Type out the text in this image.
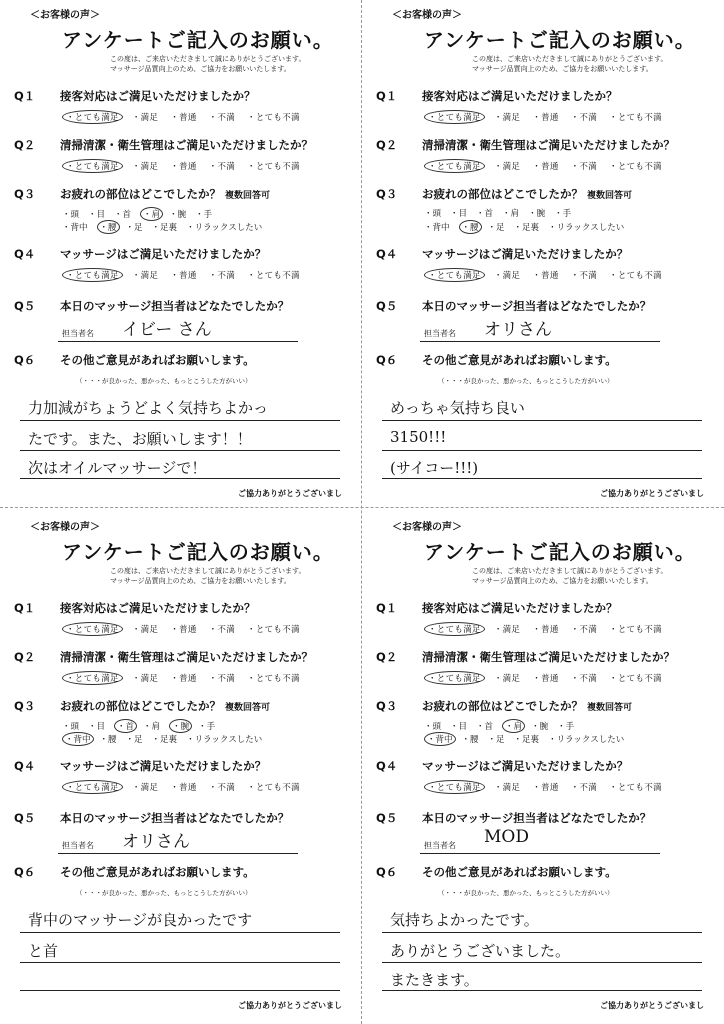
＜お客様の声＞
アンケートご記入のお願い。
この度は、ご来店いただきまして誠にありがとうございます。
マッサージ品質向上のため、ご協力をお願いいたします。
Q１ 接客対応はご満足いただけましたか？
・とても満足 ・満足 ・普通 ・不満 ・とても不満
Q２ 清掃清潔・衛生管理はご満足いただけましたか？
・とても満足 ・満足 ・普通 ・不満 ・とても不満
Q３ お疲れの部位はどこでしたか？ 複数回答可
・頭 ・目 ・首 ・肩 ・腕 ・手
・背中 ・腰 ・足 ・足裏 ・リラックスしたい
Q４ マッサージはご満足いただけましたか？
・とても満足 ・満足 ・普通 ・不満 ・とても不満
Q５ 本日のマッサージ担当者はどなたでしたか？
担当者名 イビー さん
Q６ その他ご意見があればお願いします。
（・・・が良かった、悪かった、もっとこうした方がいい）
力加減がちょうどよく気持ちよかっ
たです。また、お願いします！！
次はオイルマッサージで！
ご協力ありがとうございまし
＜お客様の声＞
アンケートご記入のお願い。
この度は、ご来店いただきまして誠にありがとうございます。
マッサージ品質向上のため、ご協力をお願いいたします。
Q１ 接客対応はご満足いただけましたか？
・とても満足 ・満足 ・普通 ・不満 ・とても不満
Q２ 清掃清潔・衛生管理はご満足いただけましたか？
・とても満足 ・満足 ・普通 ・不満 ・とても不満
Q３ お疲れの部位はどこでしたか？ 複数回答可
・頭 ・目 ・首 ・肩 ・腕 ・手
・背中 ・腰 ・足 ・足裏 ・リラックスしたい
Q４ マッサージはご満足いただけましたか？
・とても満足 ・満足 ・普通 ・不満 ・とても不満
Q５ 本日のマッサージ担当者はどなたでしたか？
担当者名 オリさん
Q６ その他ご意見があればお願いします。
（・・・が良かった、悪かった、もっとこうした方がいい）
めっちゃ気持ち良い
3150!!!
(サイコー!!!)
ご協力ありがとうございまし
＜お客様の声＞
アンケートご記入のお願い。
この度は、ご来店いただきまして誠にありがとうございます。
マッサージ品質向上のため、ご協力をお願いいたします。
Q１ 接客対応はご満足いただけましたか？
・とても満足 ・満足 ・普通 ・不満 ・とても不満
Q２ 清掃清潔・衛生管理はご満足いただけましたか？
・とても満足 ・満足 ・普通 ・不満 ・とても不満
Q３ お疲れの部位はどこでしたか？ 複数回答可
・頭 ・目 ・首 ・肩 ・腕 ・手
・背中 ・腰 ・足 ・足裏 ・リラックスしたい
Q４ マッサージはご満足いただけましたか？
・とても満足 ・満足 ・普通 ・不満 ・とても不満
Q５ 本日のマッサージ担当者はどなたでしたか？
担当者名 オリさん
Q６ その他ご意見があればお願いします。
（・・・が良かった、悪かった、もっとこうした方がいい）
背中のマッサージが良かったです
と首
ご協力ありがとうございまし
＜お客様の声＞
アンケートご記入のお願い。
この度は、ご来店いただきまして誠にありがとうございます。
マッサージ品質向上のため、ご協力をお願いいたします。
Q１ 接客対応はご満足いただけましたか？
・とても満足 ・満足 ・普通 ・不満 ・とても不満
Q２ 清掃清潔・衛生管理はご満足いただけましたか？
・とても満足 ・満足 ・普通 ・不満 ・とても不満
Q３ お疲れの部位はどこでしたか？ 複数回答可
・頭 ・目 ・首 ・肩 ・腕 ・手
・背中 ・腰 ・足 ・足裏 ・リラックスしたい
Q４ マッサージはご満足いただけましたか？
・とても満足 ・満足 ・普通 ・不満 ・とても不満
Q５ 本日のマッサージ担当者はどなたでしたか？
担当者名 MOD
Q６ その他ご意見があればお願いします。
（・・・が良かった、悪かった、もっとこうした方がいい）
気持ちよかったです。
ありがとうございました。
またきます。
ご協力ありがとうございまし
